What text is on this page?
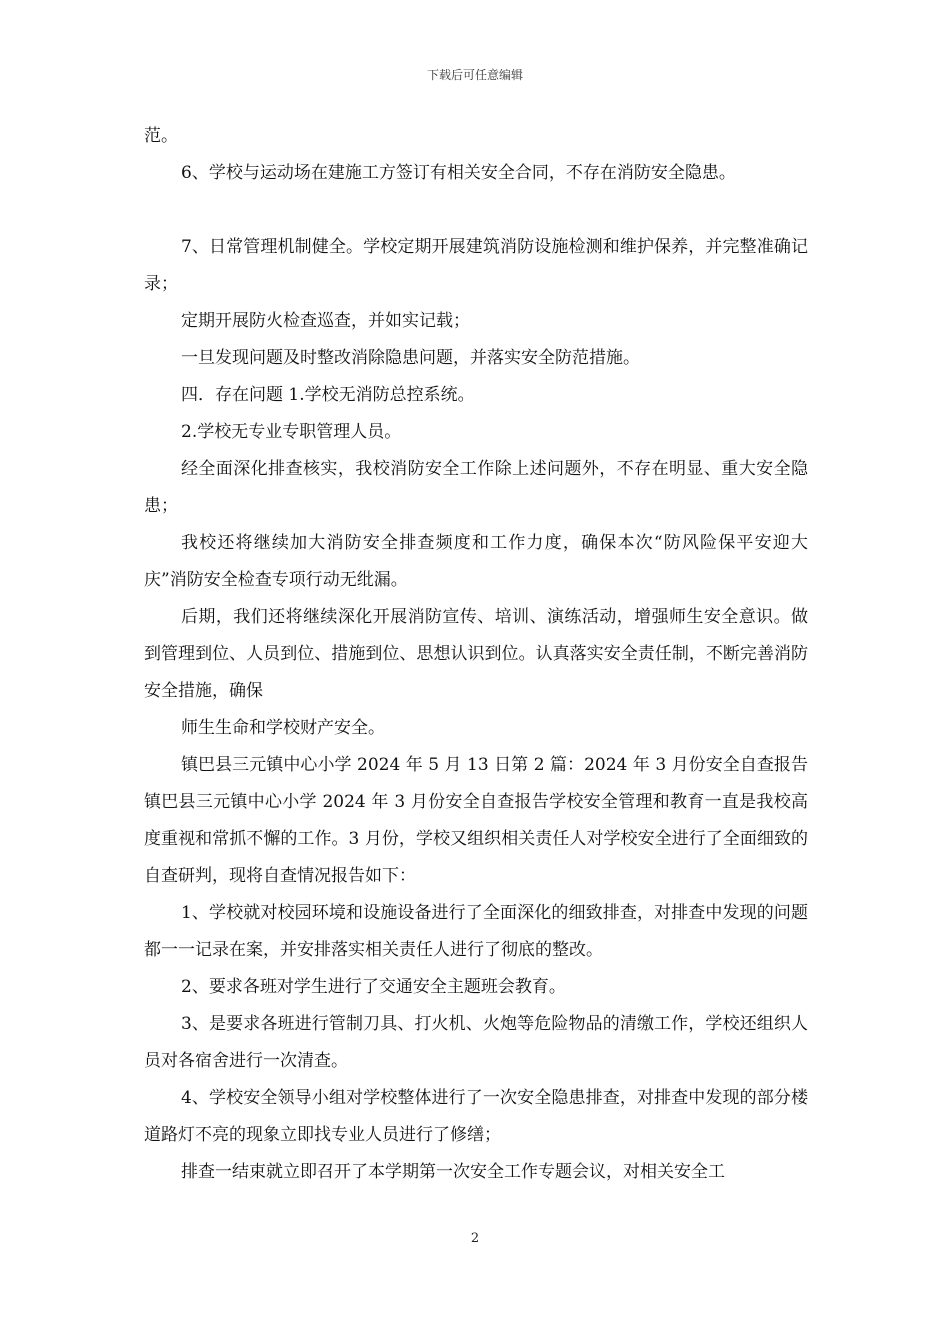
下载后可任意编辑

范。

6、学校与运动场在建施工方签订有相关安全合同，不存在消防安全隐患。

7、日常管理机制健全。学校定期开展建筑消防设施检测和维护保养，并完整准确记录；

定期开展防火检查巡查，并如实记载；

一旦发现问题及时整改消除隐患问题，并落实安全防范措施。

四．存在问题 1.学校无消防总控系统。

2.学校无专业专职管理人员。

经全面深化排查核实，我校消防安全工作除上述问题外，不存在明显、重大安全隐患；

我校还将继续加大消防安全排查频度和工作力度，确保本次“防风险保平安迎大庆”消防安全检查专项行动无纰漏。

后期，我们还将继续深化开展消防宣传、培训、演练活动，增强师生安全意识。做到管理到位、人员到位、措施到位、思想认识到位。认真落实安全责任制，不断完善消防安全措施，确保

师生生命和学校财产安全。

镇巴县三元镇中心小学 2024 年 5 月 13 日第 2 篇：2024 年 3 月份安全自查报告镇巴县三元镇中心小学 2024 年 3 月份安全自查报告学校安全管理和教育一直是我校高度重视和常抓不懈的工作。3 月份，学校又组织相关责任人对学校安全进行了全面细致的自查研判，现将自查情况报告如下：

1、学校就对校园环境和设施设备进行了全面深化的细致排查，对排查中发现的问题都一一记录在案，并安排落实相关责任人进行了彻底的整改。

2、要求各班对学生进行了交通安全主题班会教育。

3、是要求各班进行管制刀具、打火机、火炮等危险物品的清缴工作，学校还组织人员对各宿舍进行一次清查。

4、学校安全领导小组对学校整体进行了一次安全隐患排查，对排查中发现的部分楼道路灯不亮的现象立即找专业人员进行了修缮；

排查一结束就立即召开了本学期第一次安全工作专题会议，对相关安全工

2
